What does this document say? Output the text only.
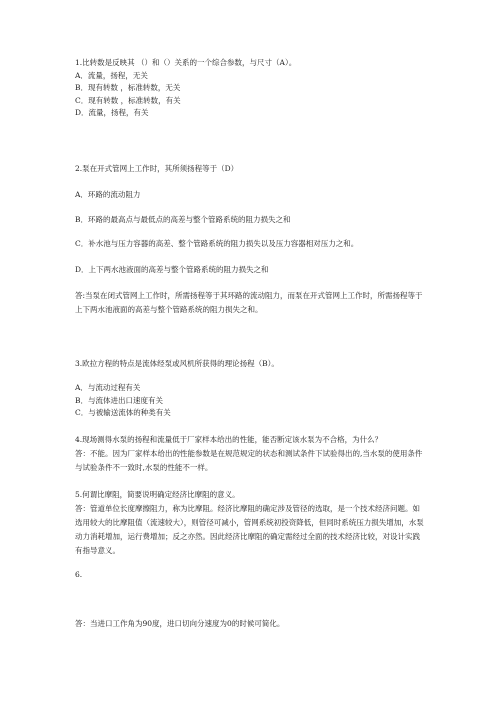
1.比转数是反映其 （）和（）关系的一个综合参数，与尺寸（A）。
A．流量，扬程，无关
B．现有转数 ，标准转数，无关
C．现有转数 ，标准转数，有关
D．流量，扬程，有关
2.泵在开式管网上工作时，其所须扬程等于（D）
A．环路的流动阻力
B．环路的最高点与最低点的高差与整个管路系统的阻力损失之和
C．补水池与压力容器的高差、整个管路系统的阻力损失以及压力容器相对压力之和。
D．上下两水池液面的高差与整个管路系统的阻力损失之和
答:当泵在闭式管网上工作时，所需扬程等于其环路的流动阻力，而泵在开式管网上工作时，所需扬程等于上下两水池液面的高差与整个管路系统的阻力损失之和。
3.欧拉方程的特点是流体经泵或风机所获得的理论扬程（B）。
A．与流动过程有关
B．与流体进出口速度有关
C．与被输送流体的种类有关
4.现场测得水泵的扬程和流量低于厂家样本给出的性能，能否断定该水泵为不合格，为什么？
答：不能。因为厂家样本给出的性能参数是在规范规定的状态和测试条件下试验得出的,当水泵的使用条件与试验条件不一致时,水泵的性能不一样。
5.何谓比摩阻，简要说明确定经济比摩阻的意义。
答：管道单位长度摩擦阻力，称为比摩阻。经济比摩阻的确定涉及管径的选取，是一个技术经济问题。如选用较大的比摩阻值（流速较大），则管径可减小，管网系统初投资降低，但同时系统压力损失增加，水泵动力消耗增加，运行费增加；反之亦然。因此经济比摩阻的确定需经过全面的技术经济比较，对设计实践有指导意义。
6.
答：当进口工作角为90度，进口切向分速度为0的时候可简化。
